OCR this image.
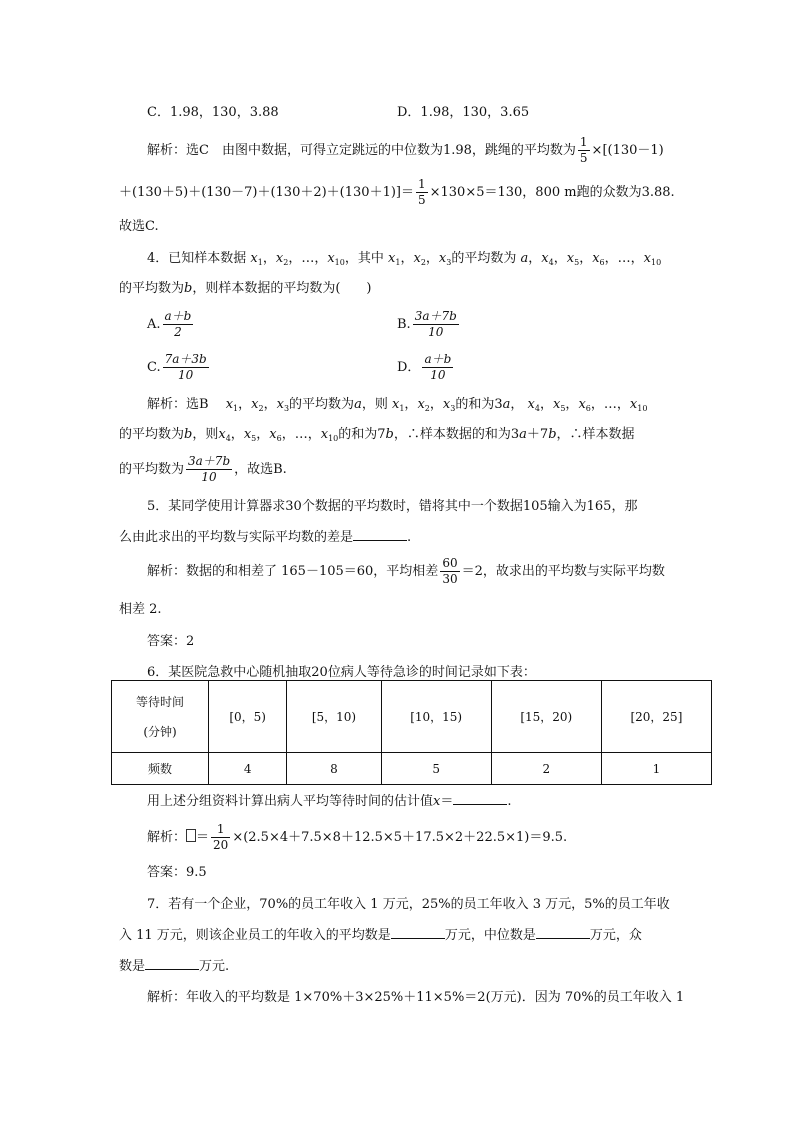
C．1.98，130，3.88	D．1.98，130，3.65
解析：选C　由图中数据，可得立定跳远的中位数为1.98，跳绳的平均数为 $\frac{1}{5} \times[(130-1)$
$+(130+5)+(130-7)+(130+2)+(130+1)]= \frac{1}{5} \times 130\times 5=130$，800 m跑的众数为3.88.
故选C.
4．已知样本数据 $x_1$，$x_2$，…，$x_{10}$，其中 $x_1$，$x_2$，$x_3$的平均数为 a，$x_4$，$x_5$，$x_6$，…，$x_{10}$
的平均数为b，则样本数据的平均数为(　　)
A. $\frac{a+b}{2}$	B. $\frac{3a+7b}{10}$
C. $\frac{7a+3b}{10}$	D． $\frac{a+b}{10}$
解析：选B　 $x_1$，$x_2$，$x_3$的平均数为a，则 $x_1$，$x_2$，$x_3$的和为3a， $x_4$，$x_5$，$x_6$，…，$x_{10}$
的平均数为b，则$x_4$，$x_5$，$x_6$，…，$x_{10}$的和为7b，∴样本数据的和为3a＋7b，∴样本数据
的平均数为 $\frac{3a+7b}{10}$ ，故选B.
5．某同学使用计算器求30个数据的平均数时，错将其中一个数据105输入为165，那
么由此求出的平均数与实际平均数的差是	.
解析：数据的和相差了 165－105＝60，平均相差 $\frac{60}{30} =2$，故求出的平均数与实际平均数
相差 2.
答案：2
6．某医院急救中心随机抽取20位病人等待急诊的时间记录如下表：
等待时间
(分钟)	[0，5)	[5，10)	[10，15)	[15，20)	[20，25]
频数	4	8	5	2	1
用上述分组资料计算出病人平均等待时间的估计值x＝	.
解析： ＝ $\frac{1}{20} \times(2.5\times 4+7.5\times 8+12.5\times 5+17.5\times 2+22.5\times 1)=9.5$.
答案：9.5
7．若有一个企业，70%的员工年收入 1 万元，25%的员工年收入 3 万元，5%的员工年收
入 11 万元，则该企业员工的年收入的平均数是	万元，中位数是	万元，众
数是	万元.
解析：年收入的平均数是 1×70%＋3×25%＋11×5%＝2(万元)．因为 70%的员工年收入 1
